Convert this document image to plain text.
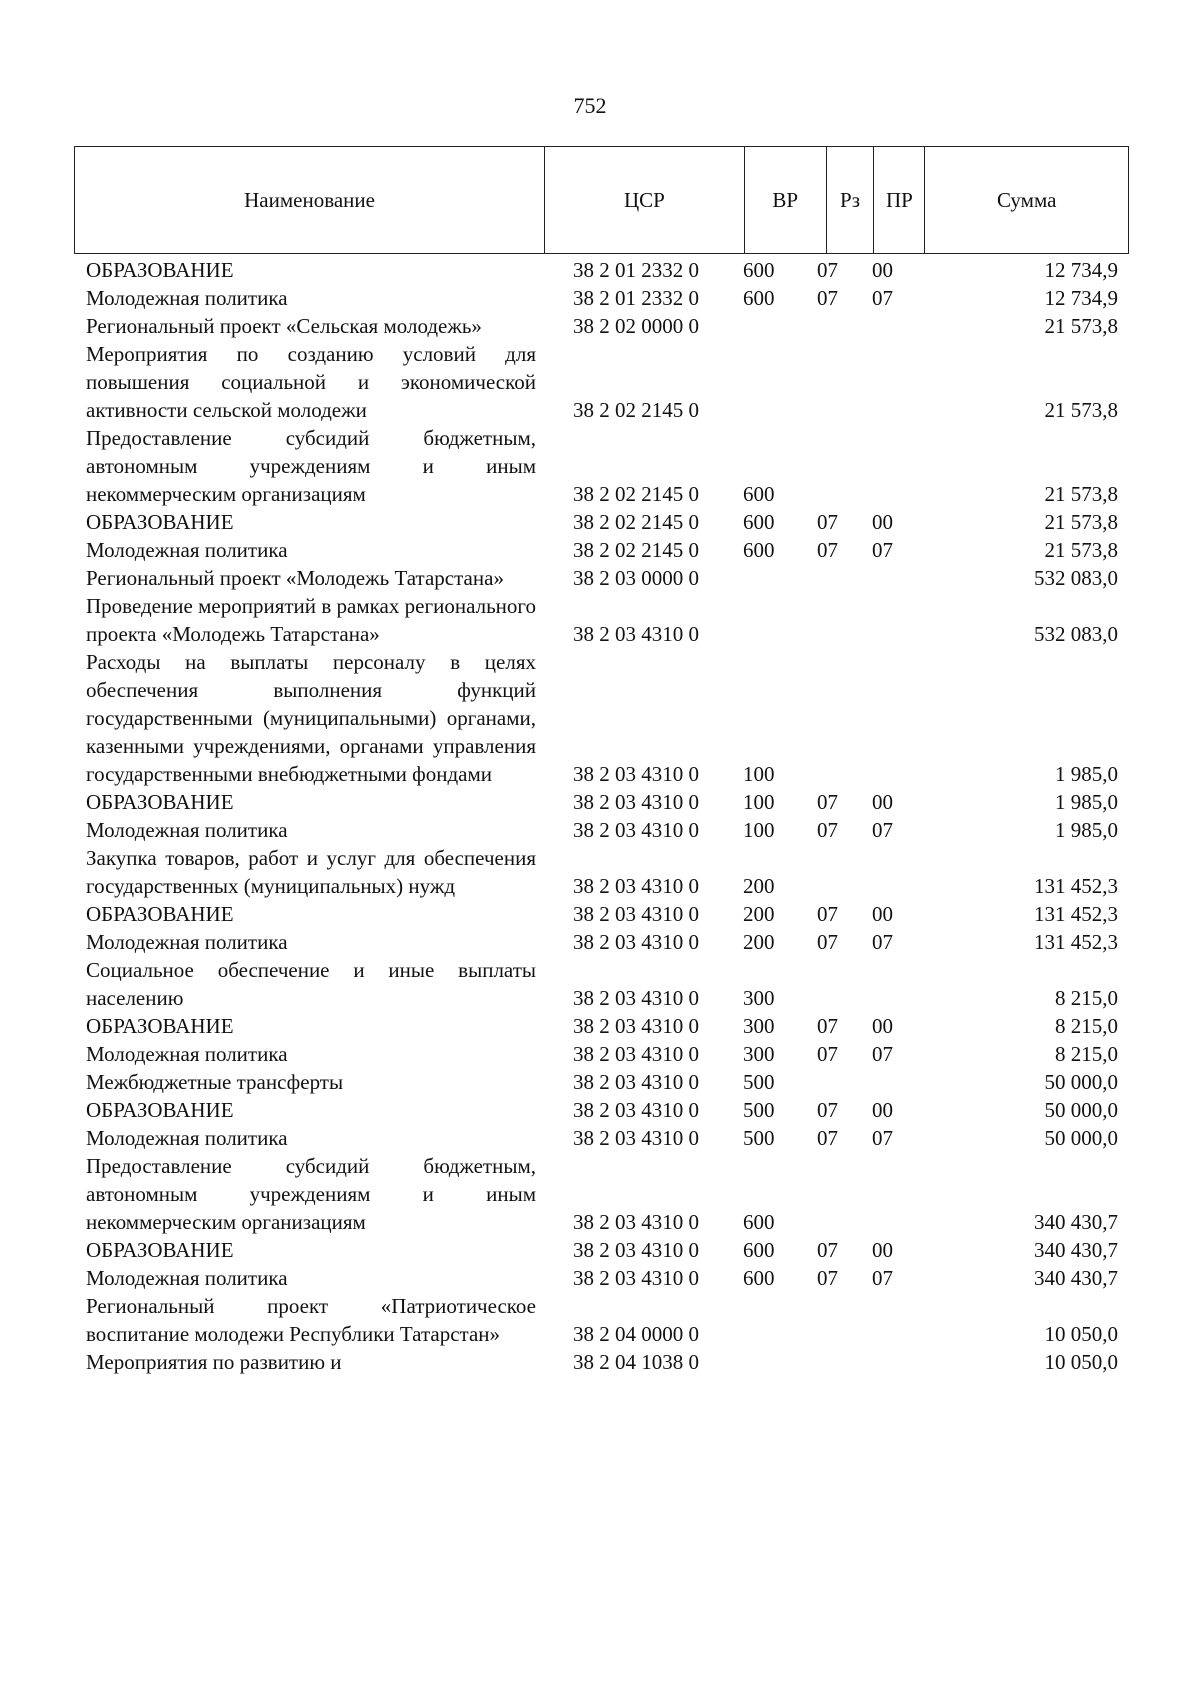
752
Наименование	ЦСР	ВР	Рз	ПР	Сумма
ОБРАЗОВАНИЕ	38 2 01 2332 0	600	07	00	12 734,9
Молодежная политика	38 2 01 2332 0	600	07	07	12 734,9
Региональный проект «Сельская молодежь»	38 2 02 0000 0	21 573,8
Мероприятия по созданию условий для повышения социальной и экономической активности сельской молодежи	38 2 02 2145 0	21 573,8
Предоставление субсидий бюджетным, автономным учреждениям и иным некоммерческим организациям	38 2 02 2145 0	600	21 573,8
ОБРАЗОВАНИЕ	38 2 02 2145 0	600	07	00	21 573,8
Молодежная политика	38 2 02 2145 0	600	07	07	21 573,8
Региональный проект «Молодежь Татарстана»	38 2 03 0000 0	532 083,0
Проведение мероприятий в рамках регионального проекта «Молодежь Татарстана»	38 2 03 4310 0	532 083,0
Расходы на выплаты персоналу в целях обеспечения выполнения функций государственными (муниципальными) органами, казенными учреждениями, органами управления государственными внебюджетными фондами	38 2 03 4310 0	100	1 985,0
ОБРАЗОВАНИЕ	38 2 03 4310 0	100	07	00	1 985,0
Молодежная политика	38 2 03 4310 0	100	07	07	1 985,0
Закупка товаров, работ и услуг для обеспечения государственных (муниципальных) нужд	38 2 03 4310 0	200	131 452,3
ОБРАЗОВАНИЕ	38 2 03 4310 0	200	07	00	131 452,3
Молодежная политика	38 2 03 4310 0	200	07	07	131 452,3
Социальное обеспечение и иные выплаты населению	38 2 03 4310 0	300	8 215,0
ОБРАЗОВАНИЕ	38 2 03 4310 0	300	07	00	8 215,0
Молодежная политика	38 2 03 4310 0	300	07	07	8 215,0
Межбюджетные трансферты	38 2 03 4310 0	500	50 000,0
ОБРАЗОВАНИЕ	38 2 03 4310 0	500	07	00	50 000,0
Молодежная политика	38 2 03 4310 0	500	07	07	50 000,0
Предоставление субсидий бюджетным, автономным учреждениям и иным некоммерческим организациям	38 2 03 4310 0	600	340 430,7
ОБРАЗОВАНИЕ	38 2 03 4310 0	600	07	00	340 430,7
Молодежная политика	38 2 03 4310 0	600	07	07	340 430,7
Региональный проект «Патриотическое воспитание молодежи Республики Татарстан»	38 2 04 0000 0	10 050,0
Мероприятия по развитию и	38 2 04 1038 0	10 050,0
